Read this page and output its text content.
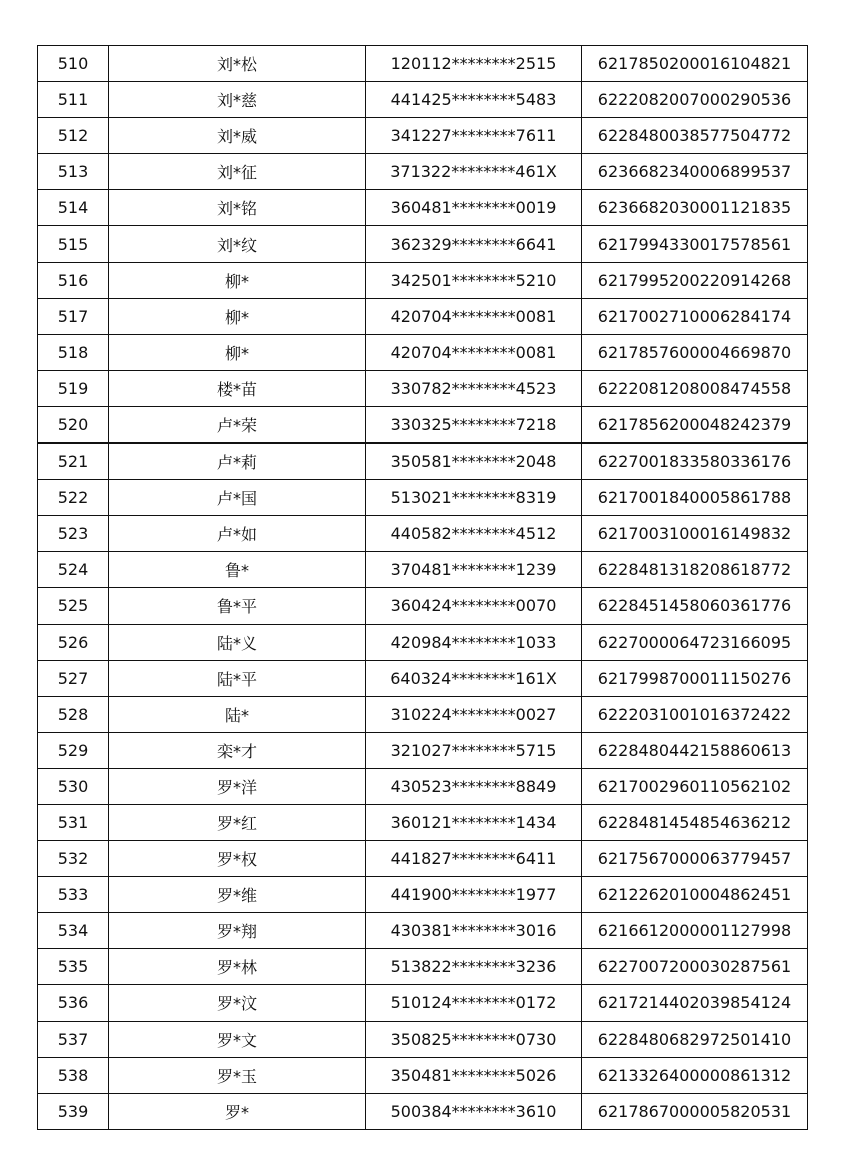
510	刘*松	120112********2515	6217850200016104821
511	刘*慈	441425********5483	6222082007000290536
512	刘*威	341227********7611	6228480038577504772
513	刘*征	371322********461X	6236682340006899537
514	刘*铭	360481********0019	6236682030001121835
515	刘*纹	362329********6641	6217994330017578561
516	柳*	342501********5210	6217995200220914268
517	柳*	420704********0081	6217002710006284174
518	柳*	420704********0081	6217857600004669870
519	楼*苗	330782********4523	6222081208008474558
520	卢*荣	330325********7218	6217856200048242379
521	卢*莉	350581********2048	6227001833580336176
522	卢*国	513021********8319	6217001840005861788
523	卢*如	440582********4512	6217003100016149832
524	鲁*	370481********1239	6228481318208618772
525	鲁*平	360424********0070	6228451458060361776
526	陆*义	420984********1033	6227000064723166095
527	陆*平	640324********161X	6217998700011150276
528	陆*	310224********0027	6222031001016372422
529	栾*才	321027********5715	6228480442158860613
530	罗*洋	430523********8849	6217002960110562102
531	罗*红	360121********1434	6228481454854636212
532	罗*权	441827********6411	6217567000063779457
533	罗*维	441900********1977	6212262010004862451
534	罗*翔	430381********3016	6216612000001127998
535	罗*林	513822********3236	6227007200030287561
536	罗*汶	510124********0172	6217214402039854124
537	罗*文	350825********0730	6228480682972501410
538	罗*玉	350481********5026	6213326400000861312
539	罗*	500384********3610	6217867000005820531
